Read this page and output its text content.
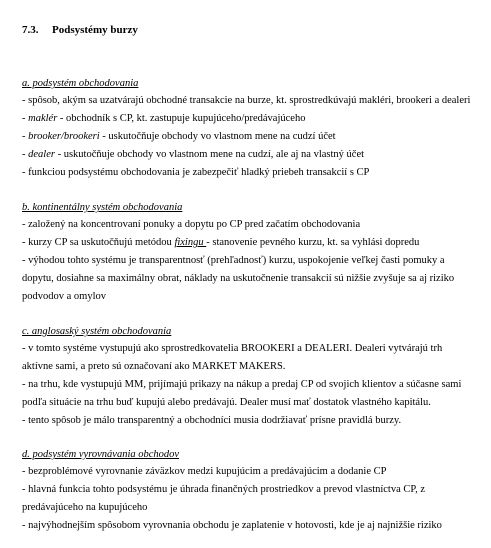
7.3. Podsystémy burzy
a. podsystém obchodovania
- spôsob, akým sa uzatvárajú obchodné transakcie na burze, kt. sprostredkúvajú makléri, brookeri a dealeri
- maklér - obchodník s CP, kt. zastupuje kupujúceho/predávajúceho
- brooker/brookeri - uskutočňuje obchody vo vlastnom mene na cudzí účet
- dealer - uskutočňuje obchody vo vlastnom mene na cudzí, ale aj na vlastný účet
- funkciou podsystému obchodovania je zabezpečiť hladký priebeh transakcií s CP
b. kontinentálny systém obchodovania
- založený na koncentrovaní ponuky a dopytu po CP pred začatím obchodovania
- kurzy CP sa uskutočňujú metódou fixingu - stanovenie pevného kurzu, kt. sa vyhlási dopredu
- výhodou tohto systému je transparentnosť (prehľadnosť) kurzu, uspokojenie veľkej časti pomuky a
dopytu, dosiahne sa maximálny obrat, náklady na uskutočnenie transakcií sú nižšie zvyšuje sa aj riziko
podvodov a omylov
c. anglosaský systém obchodovania
- v tomto systéme vystupujú ako sprostredkovatelia BROOKERI a DEALERI. Dealeri vytvárajú trh
aktívne sami, a preto sú označovaní ako MARKET MAKERS.
- na trhu, kde vystupujú MM, prijímajú prikazy na nákup a predaj CP od svojich klientov a súčasne sami
podľa situácie na trhu buď kupujú alebo predávajú. Dealer musí mať dostatok vlastného kapitálu.
- tento spôsob je málo transparentný a obchodníci musia dodržiavať prísne pravidlá burzy.
d. podsystém vyrovnávania obchodov
- bezproblémové vyrovnanie záväzkov medzi kupujúcim a predávajúcim a dodanie CP
- hlavná funkcia tohto podsystému je úhrada finančných prostriedkov a prevod vlastníctva CP, z
predávajúceho na kupujúceho
- najvýhodnejším spôsobom vyrovnania obchodu je zaplatenie v hotovosti, kde je aj najnižšie riziko
